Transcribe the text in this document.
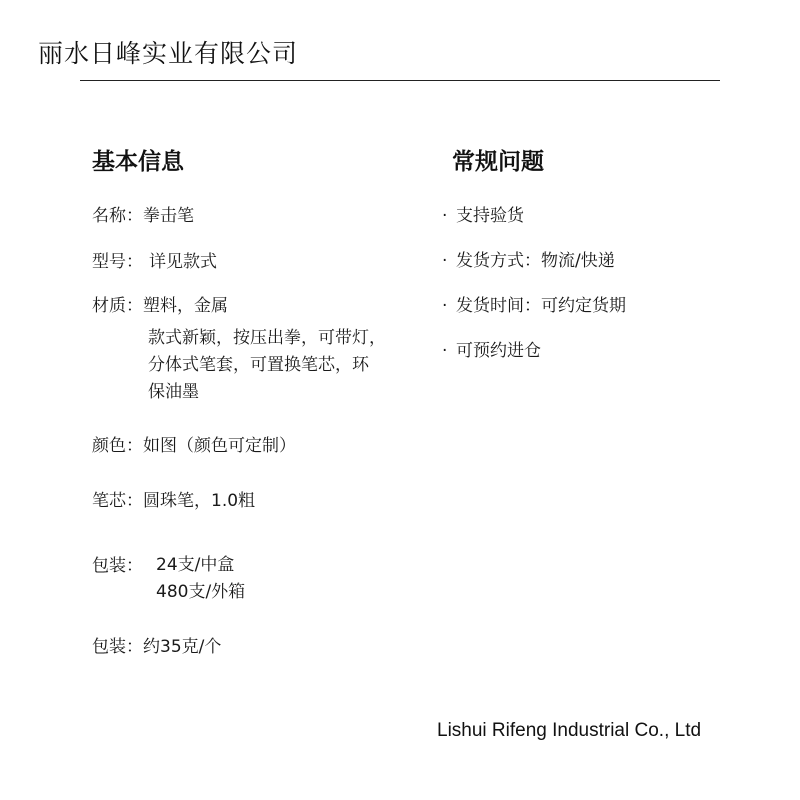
丽水日峰实业有限公司
基本信息	常规问题
名称：拳击笔
型号： 详见款式
材质：塑料，金属
款式新颖，按压出拳，可带灯，
分体式笔套，可置换笔芯，环
保油墨
颜色：如图（颜色可定制）
笔芯：圆珠笔，1.0粗
包装： 24支/中盒
480支/外箱
包装：约35克/个
· 支持验货
· 发货方式：物流/快递
· 发货时间：可约定货期
· 可预约进仓
Lishui Rifeng Industrial Co., Ltd
